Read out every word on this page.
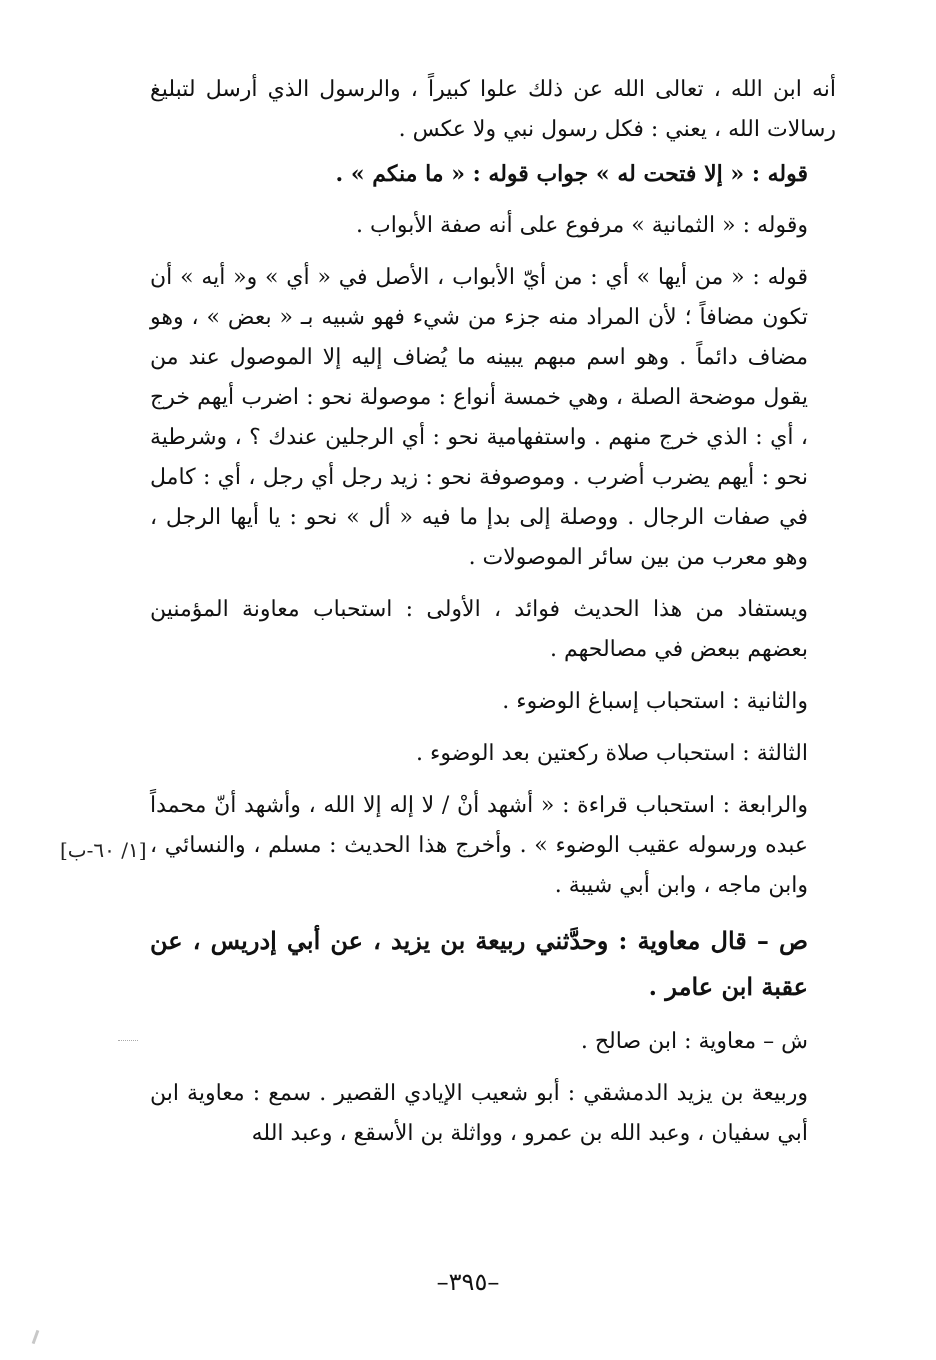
أنه ابن الله ، تعالى الله عن ذلك علوا كبيراً ، والرسول الذي أرسل لتبليغ رسالات الله ، يعني : فكل رسول نبي ولا عكس .

قوله : « إلا فتحت له » جواب قوله : « ما منكم » .

وقوله : « الثمانية » مرفوع على أنه صفة الأبواب .

قوله : « من أيها » أي : من أيّ الأبواب ، الأصل في « أي » و« أيه » أن تكون مضافاً ؛ لأن المراد منه جزء من شيء فهو شبيه بـ « بعض » ، وهو مضاف دائماً . وهو اسم مبهم يبينه ما يُضاف إليه إلا الموصول عند من يقول موضحة الصلة ، وهي خمسة أنواع : موصولة نحو : اضرب أيهم خرج ، أي : الذي خرج منهم . واستفهامية نحو : أي الرجلين عندك ؟ ، وشرطية نحو : أيهم يضرب أضرب . وموصوفة نحو : زيد رجل أي رجل ، أي : كامل في صفات الرجال . ووصلة إلى بدإ ما فيه « أل » نحو : يا أيها الرجل ، وهو معرب من بين سائر الموصولات .

ويستفاد من هذا الحديث فوائد ، الأولى : استحباب معاونة المؤمنين بعضهم ببعض في مصالحهم .

والثانية : استحباب إسباغ الوضوء .

الثالثة : استحباب صلاة ركعتين بعد الوضوء .

والرابعة : استحباب قراءة : « أشهد أنْ / لا إله إلا الله ، وأشهد أنّ محمداً عبده ورسوله عقيب الوضوء » . وأخرج هذا الحديث : مسلم ، والنسائي ، وابن ماجه ، وابن أبي شيبة .

ص – قال معاوية : وحدَّثني ربيعة بن يزيد ، عن أبي إدريس ، عن عقبة ابن عامر .

ش – معاوية : ابن صالح .

وربيعة بن يزيد الدمشقي : أبو شعيب الإيادي القصير . سمع : معاوية ابن أبي سفيان ، وعبد الله بن عمرو ، وواثلة بن الأسقع ، وعبد الله

[١/ ٦٠-ب]
–٣٩٥–
